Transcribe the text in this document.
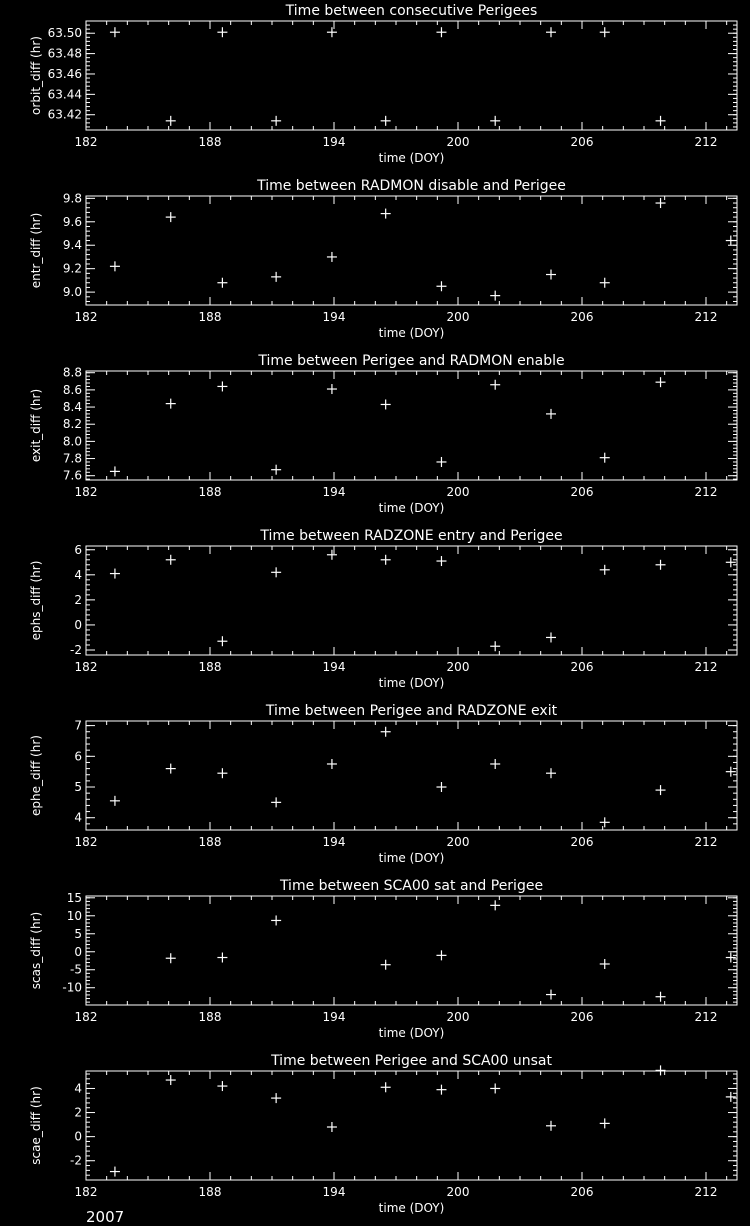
Time between consecutive Perigees
182	188	194	200	206	212
63.42
63.44
63.46
63.48
63.50
time (DOY)
orbit_diff (hr)
Time between RADMON disable and Perigee
182	188	194	200	206	212
9.0
9.2
9.4
9.6
9.8
time (DOY)
entr_diff (hr)
Time between Perigee and RADMON enable
182	188	194	200	206	212
7.6
7.8
8.0
8.2
8.4
8.6
8.8
time (DOY)
exit_diff (hr)
Time between RADZONE entry and Perigee
182	188	194	200	206	212
-2
0
2
4
6
time (DOY)
ephs_diff (hr)
Time between Perigee and RADZONE exit
182	188	194	200	206	212
4
5
6
7
time (DOY)
ephe_diff (hr)
Time between SCA00 sat and Perigee
182	188	194	200	206	212
-10
-5
0
5
10
15
time (DOY)
scas_diff (hr)
Time between Perigee and SCA00 unsat
182	188	194	200	206	212
-2
0
2
4
time (DOY)
scae_diff (hr)
2007
